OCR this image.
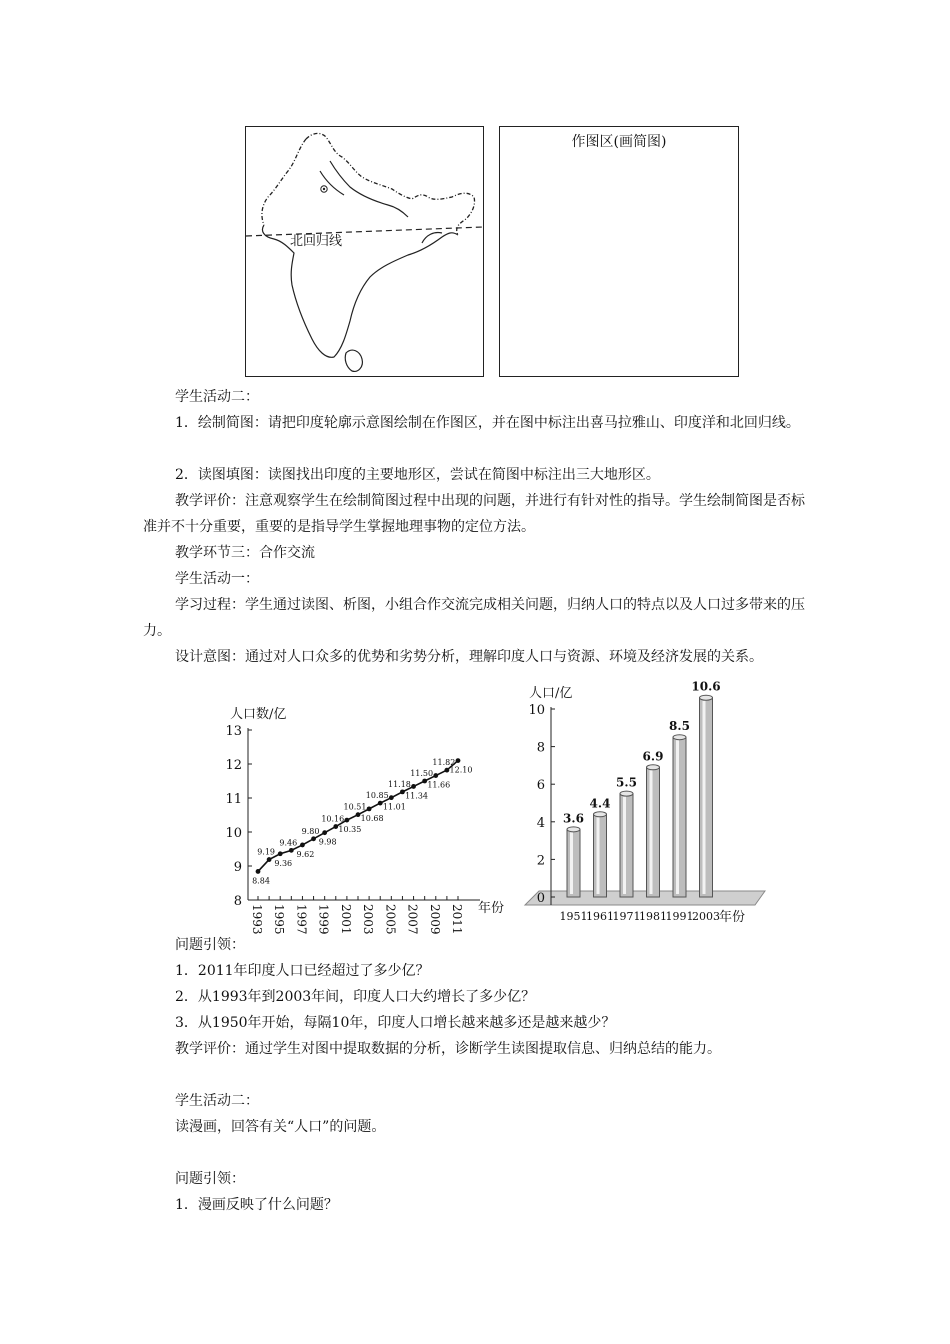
北回归线
作图区(画简图)
学生活动二：
1．绘制简图：请把印度轮廓示意图绘制在作图区，并在图中标注出喜马拉雅山、印度洋和北回归线。
2．读图填图：读图找出印度的主要地形区，尝试在简图中标注出三大地形区。
教学评价：注意观察学生在绘制简图过程中出现的问题，并进行有针对性的指导。学生绘制简图是否标准并不十分重要，重要的是指导学生掌握地理事物的定位方法。
教学环节三：合作交流
学生活动一：
学习过程：学生通过读图、析图，小组合作交流完成相关问题，归纳人口的特点以及人口过多带来的压力。
设计意图：通过对人口众多的优势和劣势分析，理解印度人口与资源、环境及经济发展的关系。
人口数/亿
年份
8
9
10
11
12
13
1993 1995 1997 1999 2001 2003 2005 2007 2009 2011
8.84
9.19
9.36
9.46
9.62
9.80
9.98
10.16
10.35
10.51
10.68
10.85
11.01
11.18
11.34
11.50
11.66
11.82
12.10
人口/亿
年份
0
2
4
6
8
10
3.6
4.4
5.5
6.9
8.5
10.6
1951
1961
1971
1981
1991
2003
问题引领：
1．2011年印度人口已经超过了多少亿？
2．从1993年到2003年间，印度人口大约增长了多少亿？
3．从1950年开始，每隔10年，印度人口增长越来越多还是越来越少？
教学评价：通过学生对图中提取数据的分析，诊断学生读图提取信息、归纳总结的能力。
学生活动二：
读漫画，回答有关“人口”的问题。
问题引领：
1．漫画反映了什么问题？
